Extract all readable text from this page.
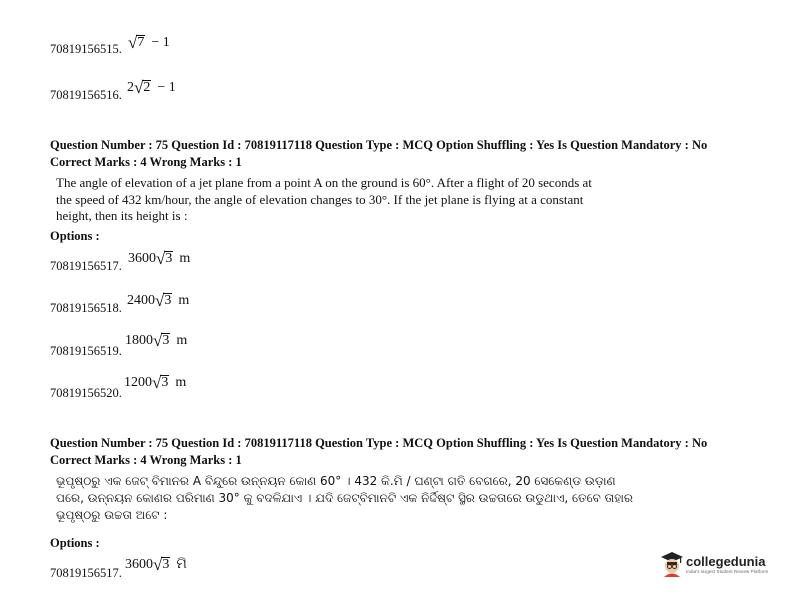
70819156515. √ 7 − 1
70819156516. 2 √ 2 − 1
Question Number : 75 Question Id : 70819117118 Question Type : MCQ Option Shuffling : Yes Is Question Mandatory : No
Correct Marks : 4 Wrong Marks : 1
The angle of elevation of a jet plane from a point A on the ground is 60°. After a flight of 20 seconds at the speed of 432 km/hour, the angle of elevation changes to 30°. If the jet plane is flying at a constant height, then its height is :
Options :
70819156517. 3600 √ 3 m
70819156518. 2400 √ 3 m
70819156519.
1800 √ 3 m
70819156520.
1200 √ 3 m
Question Number : 75 Question Id : 70819117118 Question Type : MCQ Option Shuffling : Yes Is Question Mandatory : No
Correct Marks : 4 Wrong Marks : 1
ଭୂପୃଷ୍ଠରୁ ଏକ ଜେଟ୍ ବିମାନର A ବିନ୍ଦୁରେ ଉନ୍ନୟନ କୋଣ 60° । 432 କି.ମି / ଘଣ୍ଟା ଗତି ବେଗରେ, 20 ସେକେଣ୍ଡ ଉଡ଼ାଣ ପରେ, ଉନ୍ନୟନ କୋଣର ପରିମାଣ 30° କୁ ବଦଳିଯାଏ । ଯଦି ଜେଟ୍‌ବିମାନଟି ଏକ ନିର୍ଦ୍ଦିଷ୍ଟ ସ୍ଥିର ଉଚ୍ଚତାରେ ଉଡୁଥାଏ, ତେବେ ତାହାର ଭୂପୃଷ୍ଠରୁ ଉଚ୍ଚତା ଅଟେ :
Options :
70819156517.
3600 √ 3 ମି	collegedunia
India's largest Student Review Platform
